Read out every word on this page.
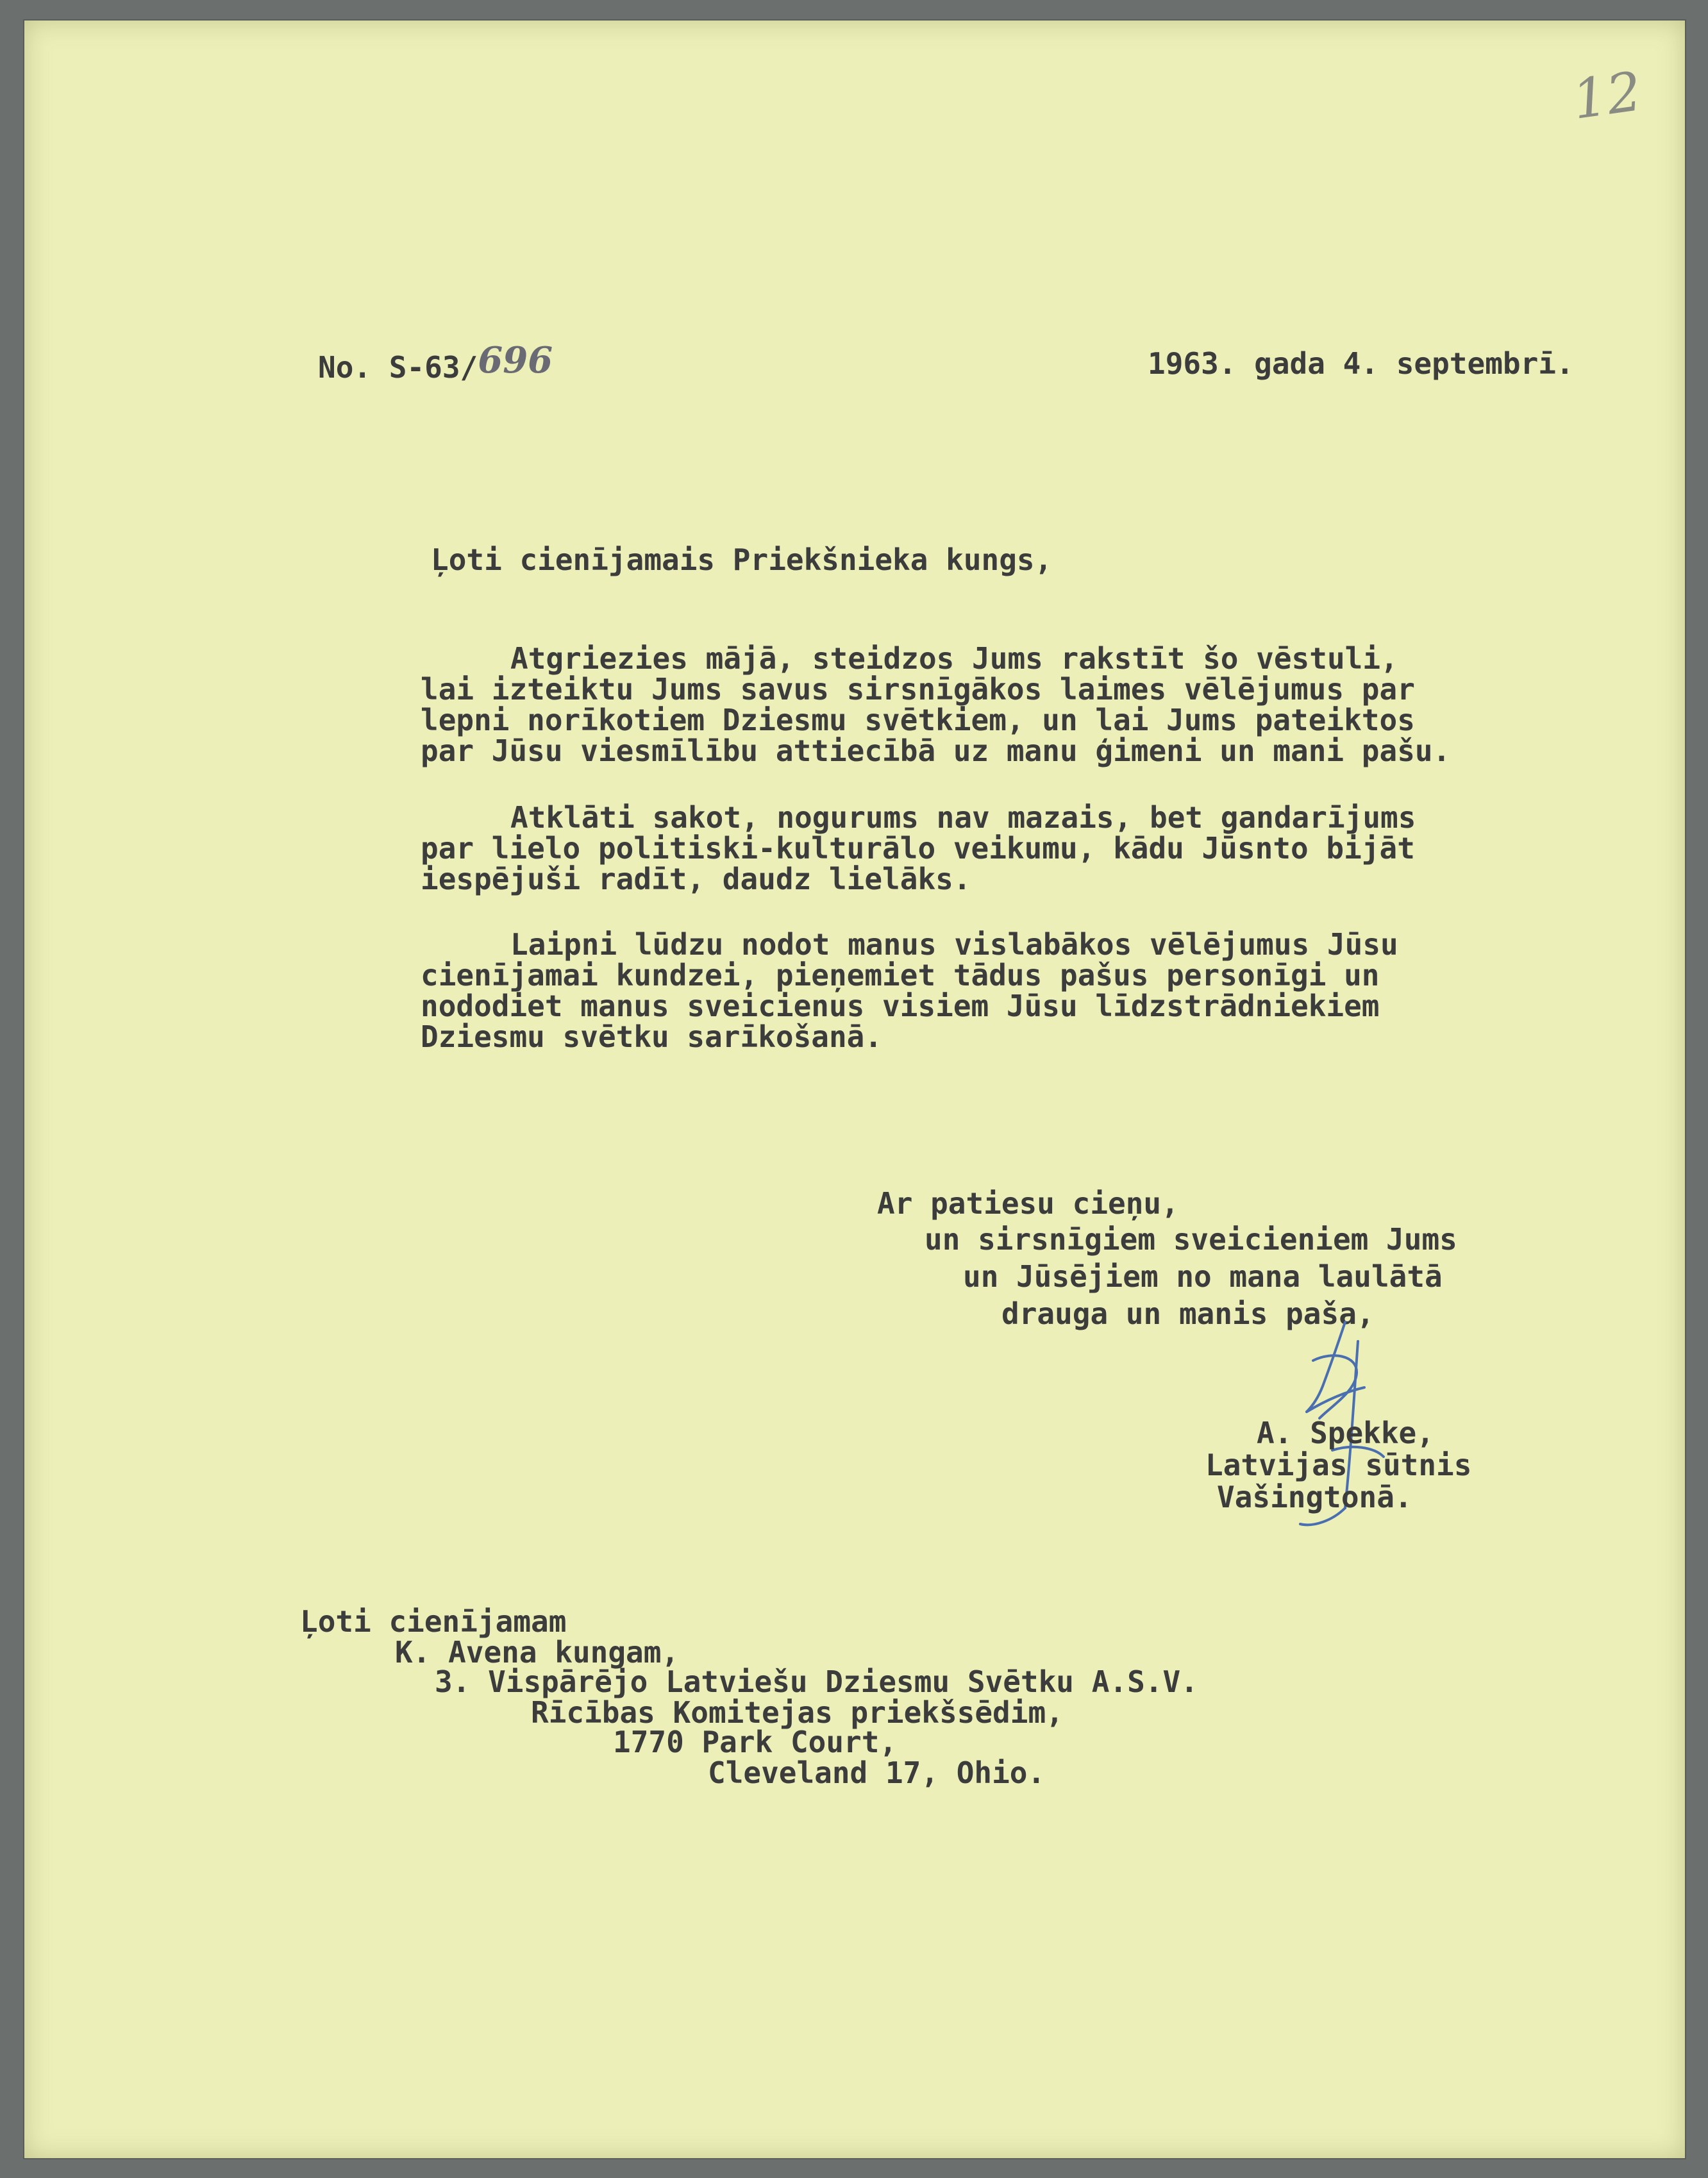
12
No. S-63/696	1963. gada 4. septembrī.
Ļoti cienījamais Priekšnieka kungs,
Atgriezies mājā, steidzos Jums rakstīt šo vēstuli,
lai izteiktu Jums savus sirsnīgākos laimes vēlējumus par
lepni norīkotiem Dziesmu svētkiem, un lai Jums pateiktos
par Jūsu viesmīlību attiecībā uz manu ģimeni un mani pašu.
Atklāti sakot, nogurums nav mazais, bet gandarījums
par lielo politiski-kulturālo veikumu, kādu Jūsnto bijāt
iespējuši radīt, daudz lielāks.
Laipni lūdzu nodot manus vislabākos vēlējumus Jūsu
cienījamai kundzei, pieņemiet tādus pašus personīgi un
nododiet manus sveicienus visiem Jūsu līdzstrādniekiem
Dziesmu svētku sarīkošanā.
Ar patiesu cieņu,
un sirsnīgiem sveicieniem Jums
un Jūsējiem no mana laulātā
drauga un manis paša,
A. Spekke,
Latvijas sūtnis
Vašingtonā.
Ļoti cienījamam
K. Avena kungam,
3. Vispārējo Latviešu Dziesmu Svētku A.S.V.
Rīcības Komitejas priekšsēdim,
1770 Park Court,
Cleveland 17, Ohio.
